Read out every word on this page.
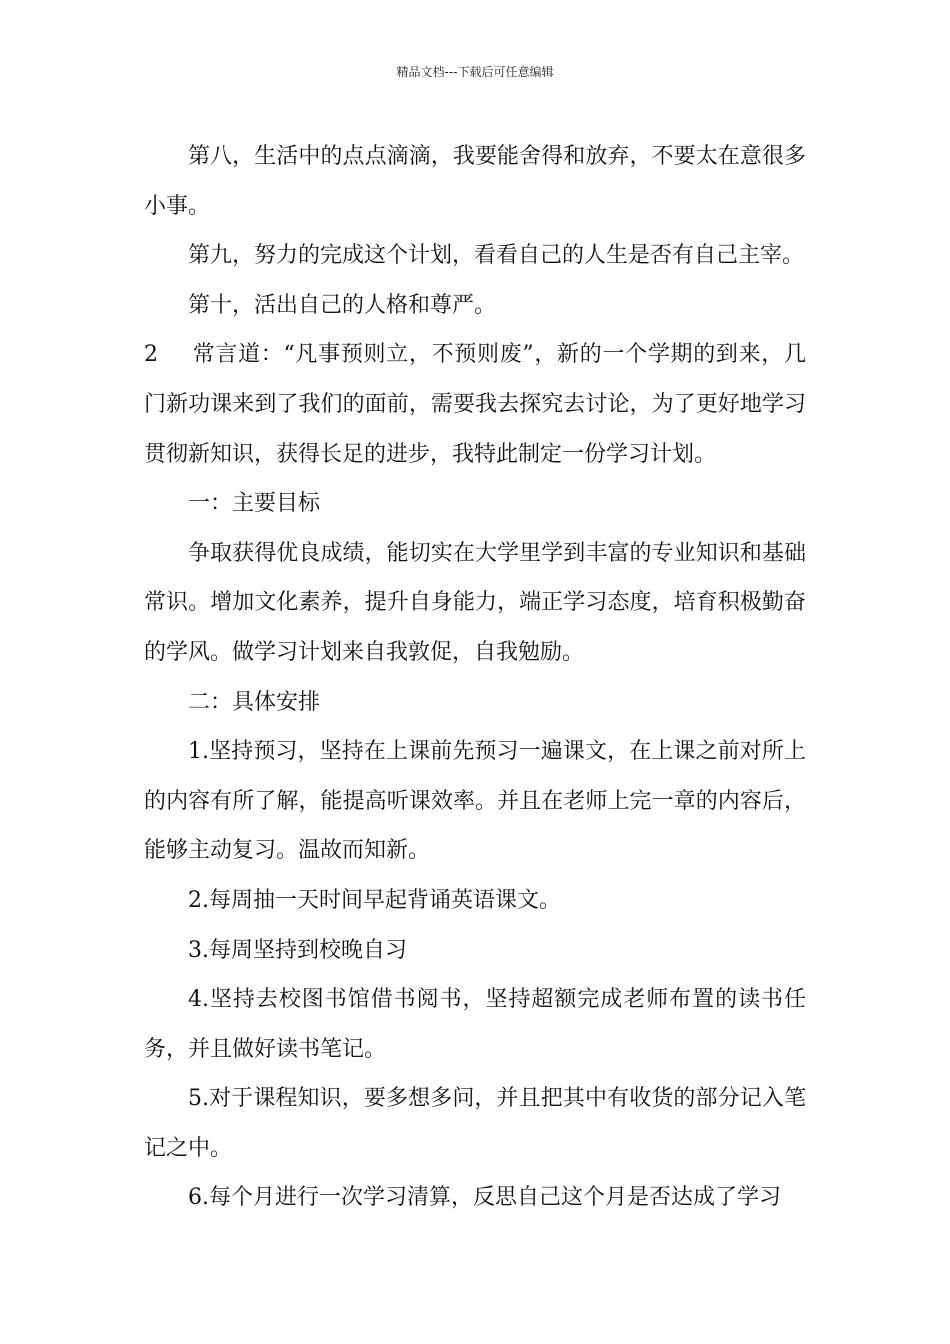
精品文档---下载后可任意编辑

第八，生活中的点点滴滴，我要能舍得和放弃，不要太在意很多小事。

第九，努力的完成这个计划，看看自己的人生是否有自己主宰。

第十，活出自己的人格和尊严。

2 常言道：“凡事预则立，不预则废”，新的一个学期的到来，几门新功课来到了我们的面前，需要我去探究去讨论，为了更好地学习贯彻新知识，获得长足的进步，我特此制定一份学习计划。

一：主要目标

争取获得优良成绩，能切实在大学里学到丰富的专业知识和基础常识。增加文化素养，提升自身能力，端正学习态度，培育积极勤奋的学风。做学习计划来自我敦促，自我勉励。

二：具体安排

1.坚持预习，坚持在上课前先预习一遍课文，在上课之前对所上的内容有所了解，能提高听课效率。并且在老师上完一章的内容后，能够主动复习。温故而知新。

2.每周抽一天时间早起背诵英语课文。

3.每周坚持到校晚自习

4.坚持去校图书馆借书阅书，坚持超额完成老师布置的读书任务，并且做好读书笔记。

5.对于课程知识，要多想多问，并且把其中有收货的部分记入笔记之中。

6.每个月进行一次学习清算，反思自己这个月是否达成了学习
